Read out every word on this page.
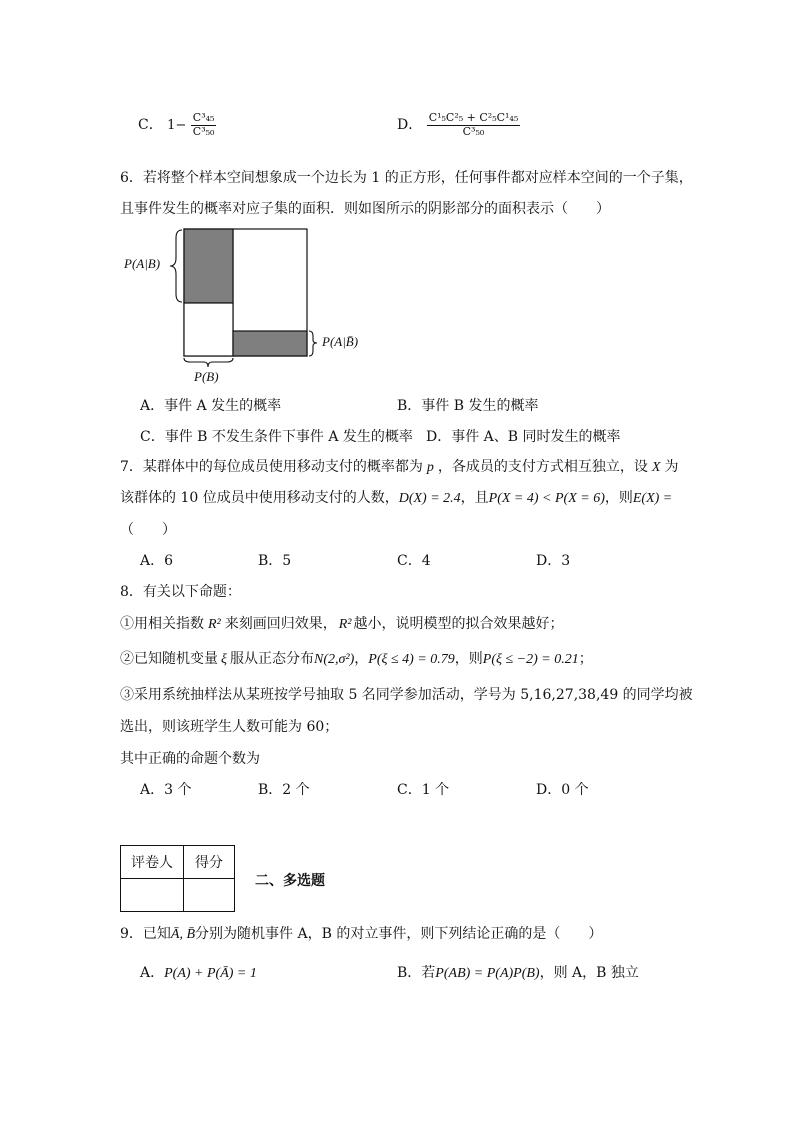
C． $1- \frac{\text{C³₄₅}}{\text{C³₅₀}}$	D． $\frac{\text{C¹₅C²₅ + C²₅C¹₄₅}}{\text{C³₅₀}}$
6．若将整个样本空间想象成一个边长为 1 的正方形，任何事件都对应样本空间的一个子集，
且事件发生的概率对应子集的面积．则如图所示的阴影部分的面积表示（　　）
P(A|B)
P(A|B̄)
P(B)
A．事件 A 发生的概率	B．事件 B 发生的概率
C．事件 B 不发生条件下事件 A 发生的概率 D．事件 A、B 同时发生的概率
7．某群体中的每位成员使用移动支付的概率都为 p ，各成员的支付方式相互独立，设 X 为
该群体的 10 位成员中使用移动支付的人数，D(X) = 2.4，且P(X = 4) < P(X = 6)，则E(X) =
（　　）
A．6	B．5	C．4	D．3
8．有关以下命题：
①用相关指数 R² 来刻画回归效果， R² 越小，说明模型的拟合效果越好；
②已知随机变量 ξ 服从正态分布N(2,σ²)，P(ξ ≤ 4) = 0.79，则P(ξ ≤ −2) = 0.21；
③采用系统抽样法从某班按学号抽取 5 名同学参加活动，学号为 5,16,27,38,49 的同学均被
选出，则该班学生人数可能为 60；
其中正确的命题个数为
A．3 个	B．2 个	C．1 个	D．0 个
评卷人	得分

二、多选题
9．已知Ā, B̄分别为随机事件 A，B 的对立事件，则下列结论正确的是（　　）
A．P(A) + P(Ā) = 1	B．若P(AB) = P(A)P(B)，则 A，B 独立
